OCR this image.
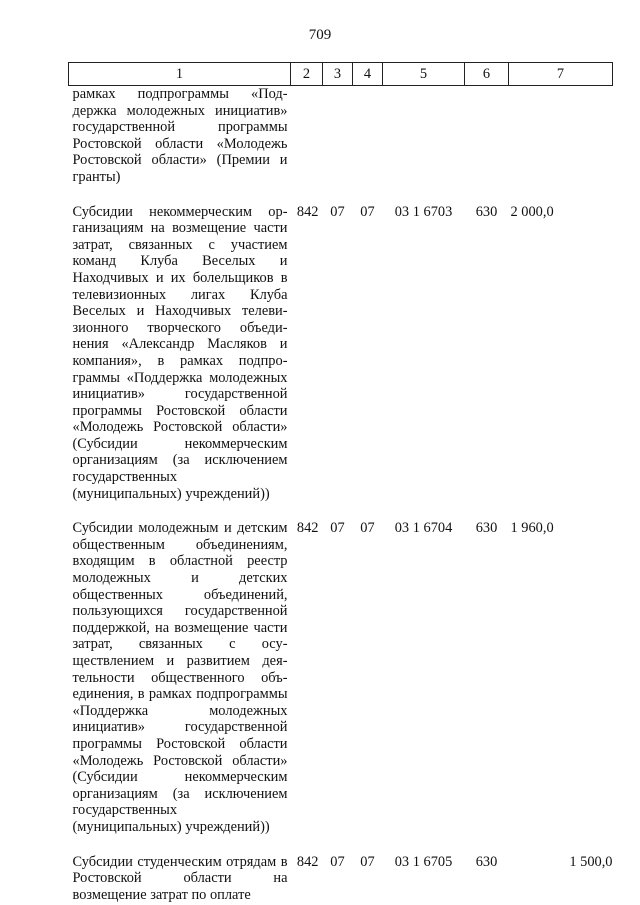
709
1	2	3	4	5	6	7
рамках подпрограммы «Поддержка молодежных инициатив» государственной программы Ростовской области «Молодежь Ростовской области» (Премии и гранты)						

Субсидии некоммерческим организациям на возмещение части затрат, связанных с участием команд Клуба Веселых и Находчивых и их болельщиков в телевизионных лигах Клуба Веселых и Находчивых телевизионного творческого объединения «Александр Масляков и компания», в рамках подпрограммы «Поддержка молодежных инициатив» государственной программы Ростовской области «Молодежь Ростовской области» (Субсидии некоммерческим организациям (за исключением государственных (муниципальных) учреждений))	842	07	07	03 1 6703	630	2 000,0

Субсидии молодежным и детским общественным объединениям, входящим в областной реестр молодежных и детских общественных объединений, пользующихся государственной поддержкой, на возмещение части затрат, связанных с осуществлением и развитием деятельности общественного объединения, в рамках подпрограммы «Поддержка молодежных инициатив» государственной программы Ростовской области «Молодежь Ростовской области» (Субсидии некоммерческим организациям (за исключением государственных (муниципальных) учреждений))	842	07	07	03 1 6704	630	1 960,0

Субсидии студенческим отрядам в Ростовской области на возмещение затрат по оплате	842	07	07	03 1 6705	630	1 500,0
